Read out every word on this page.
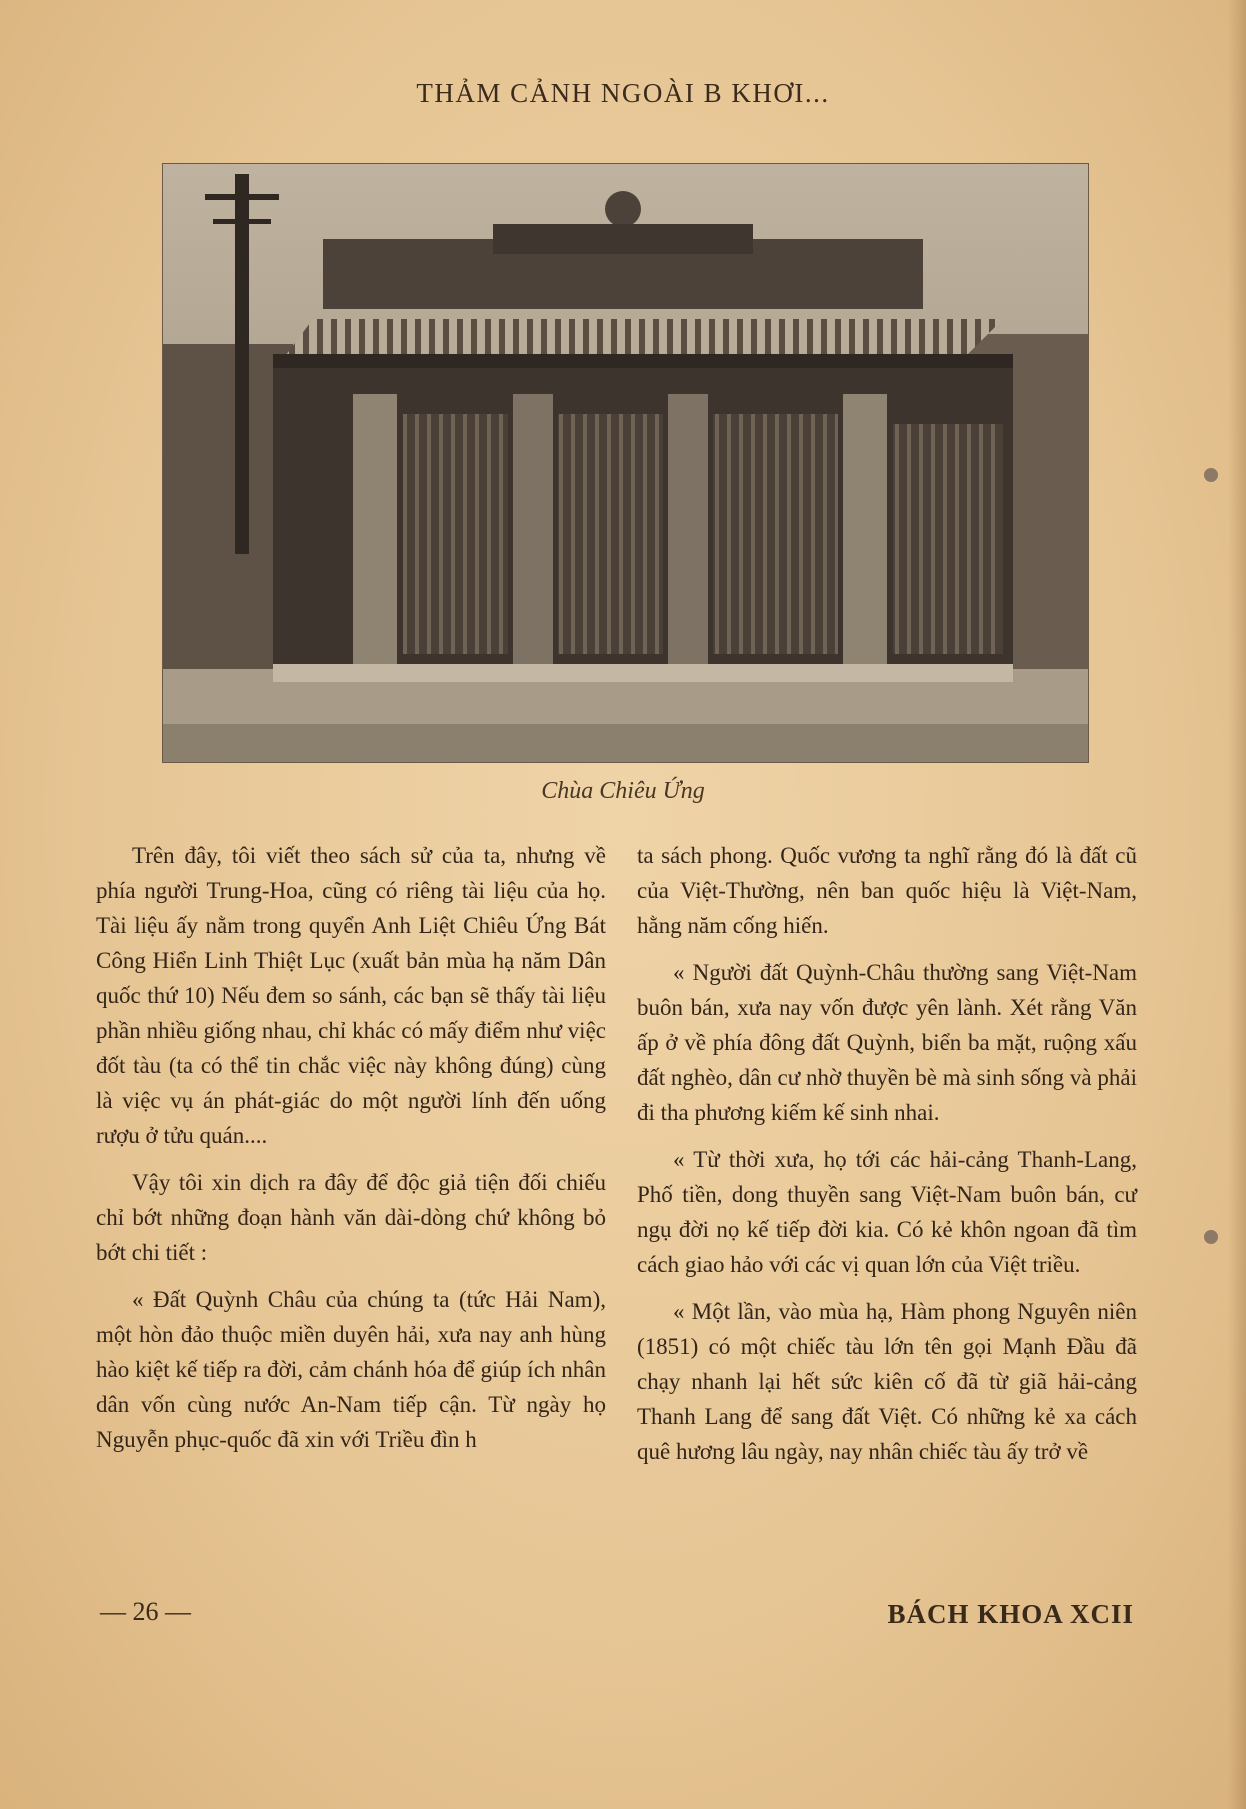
THẢM CẢNH NGOÀI B KHƠI...
Chùa Chiêu Ứng

Trên đây, tôi viết theo sách sử của ta, nhưng về phía người Trung-Hoa, cũng có riêng tài liệu của họ. Tài liệu ấy nằm trong quyển Anh Liệt Chiêu Ứng Bát Công Hiển Linh Thiệt Lục (xuất bản mùa hạ năm Dân quốc thứ 10) Nếu đem so sánh, các bạn sẽ thấy tài liệu phần nhiều giống nhau, chỉ khác có mấy điểm như việc đốt tàu (ta có thể tin chắc việc này không đúng) cùng là việc vụ án phát-giác do một người lính đến uống rượu ở tửu quán....

Vậy tôi xin dịch ra đây để độc giả tiện đối chiếu chỉ bớt những đoạn hành văn dài-dòng chứ không bỏ bớt chi tiết :

« Đất Quỳnh Châu của chúng ta (tức Hải Nam), một hòn đảo thuộc miền duyên hải, xưa nay anh hùng hào kiệt kế tiếp ra đời, cảm chánh hóa để giúp ích nhân dân vốn cùng nước An-Nam tiếp cận. Từ ngày họ Nguyễn phục-quốc đã xin với Triều đìn h

ta sách phong. Quốc vương ta nghĩ rằng đó là đất cũ của Việt-Thường, nên ban quốc hiệu là Việt-Nam, hằng năm cống hiến.

« Người đất Quỳnh-Châu thường sang Việt-Nam buôn bán, xưa nay vốn được yên lành. Xét rằng Văn ấp ở về phía đông đất Quỳnh, biển ba mặt, ruộng xấu đất nghèo, dân cư nhờ thuyền bè mà sinh sống và phải đi tha phương kiếm kế sinh nhai.

« Từ thời xưa, họ tới các hải-cảng Thanh-Lang, Phố tiền, dong thuyền sang Việt-Nam buôn bán, cư ngụ đời nọ kế tiếp đời kia. Có kẻ khôn ngoan đã tìm cách giao hảo với các vị quan lớn của Việt triều.

« Một lần, vào mùa hạ, Hàm phong Nguyên niên (1851) có một chiếc tàu lớn tên gọi Mạnh Đầu đã chạy nhanh lại hết sức kiên cố đã từ giã hải-cảng Thanh Lang để sang đất Việt. Có những kẻ xa cách quê hương lâu ngày, nay nhân chiếc tàu ấy trở về

— 26 —	BÁCH KHOA XCII
